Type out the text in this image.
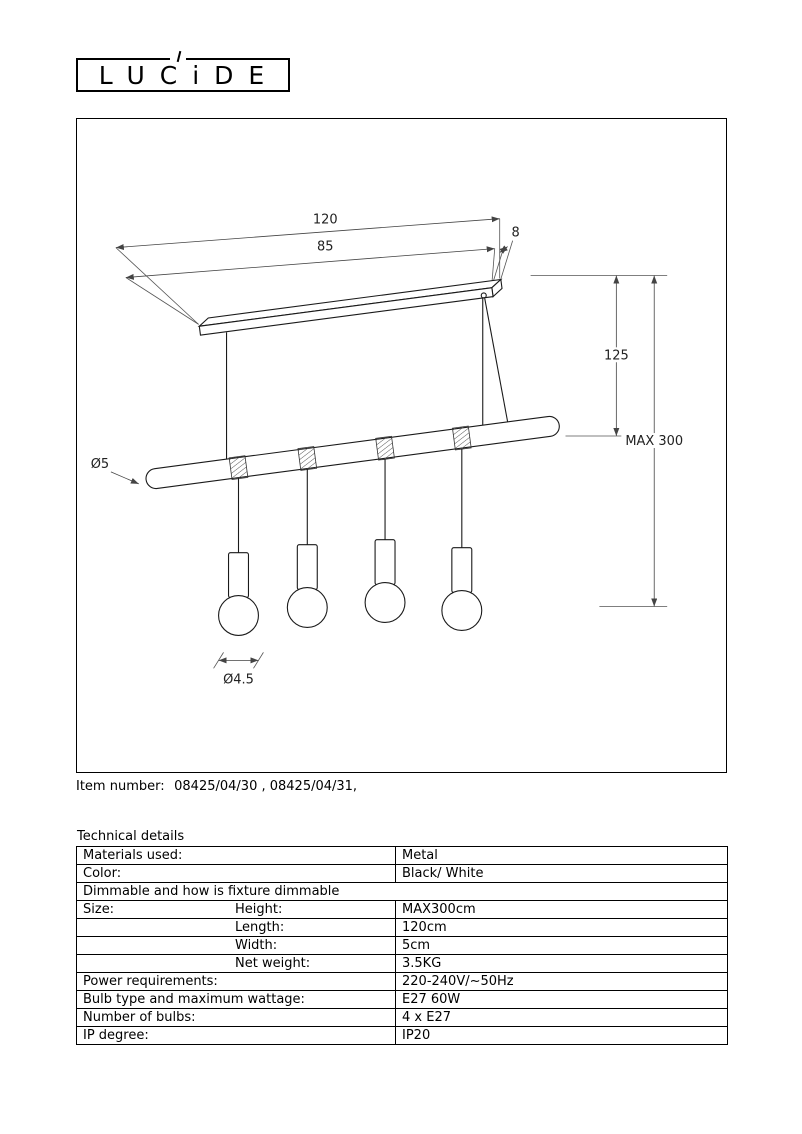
LUCiDE
120
85
8
125
MAX 300
Ø5
Ø4.5
Item number: 08425/04/30 , 08425/04/31,
Technical details
Materials used:	Metal
Color:	Black/ White
Dimmable and how is fixture dimmable	
Size: Height:	MAX300cm
Length:	120cm
Width:	5cm
Net weight:	3.5KG
Power requirements:	220-240V/~50Hz
Bulb type and maximum wattage:	E27 60W
Number of bulbs:	4 x E27
IP degree:	IP20
